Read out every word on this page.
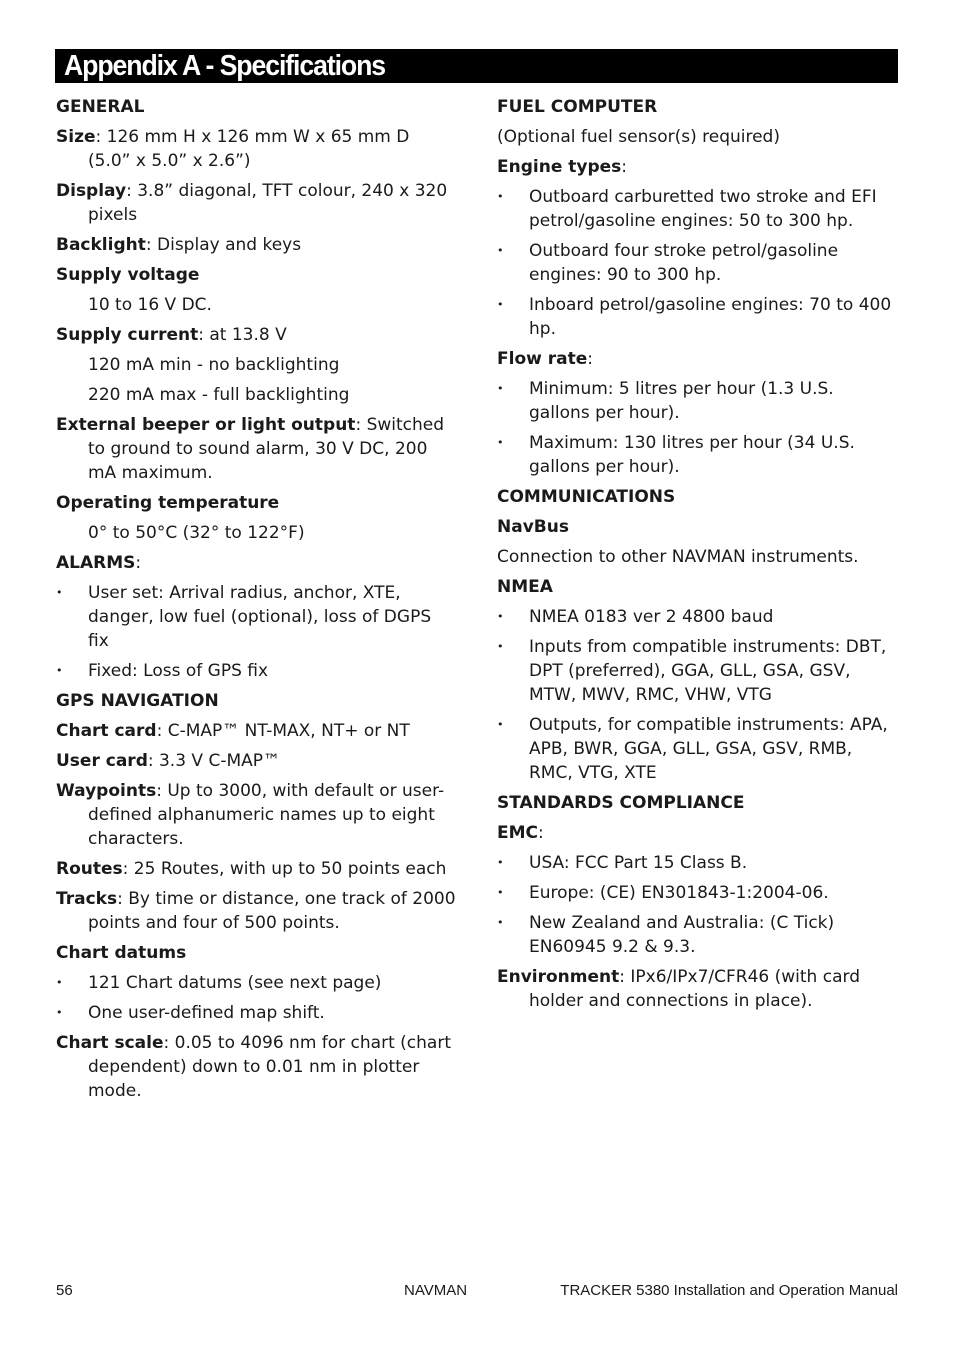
Appendix A - Specifications
GENERAL
Size: 126 mm H x 126 mm W x 65 mm D (5.0” x 5.0” x 2.6”)
Display: 3.8” diagonal, TFT colour, 240 x 320 pixels
Backlight: Display and keys
Supply voltage
10 to 16 V DC.
Supply current: at 13.8 V
120 mA min - no backlighting
220 mA max - full backlighting
External beeper or light output: Switched to ground to sound alarm, 30 V DC, 200 mA maximum.
Operating temperature
0° to 50°C (32° to 122°F)
ALARMS:
• User set: Arrival radius, anchor, XTE, danger, low fuel (optional), loss of DGPS fix
• Fixed: Loss of GPS fix
GPS NAVIGATION
Chart card: C-MAP™ NT-MAX, NT+ or NT
User card: 3.3 V C-MAP™
Waypoints: Up to 3000, with default or user-defined alphanumeric names up to eight characters.
Routes: 25 Routes, with up to 50 points each
Tracks: By time or distance, one track of 2000 points and four of 500 points.
Chart datums
• 121 Chart datums (see next page)
• One user-defined map shift.
Chart scale: 0.05 to 4096 nm for chart (chart dependent) down to 0.01 nm in plotter mode.
FUEL COMPUTER
(Optional fuel sensor(s) required)
Engine types:
• Outboard carburetted two stroke and EFI petrol/gasoline engines: 50 to 300 hp.
• Outboard four stroke petrol/gasoline engines: 90 to 300 hp.
• Inboard petrol/gasoline engines: 70 to 400 hp.
Flow rate:
• Minimum: 5 litres per hour (1.3 U.S. gallons per hour).
• Maximum: 130 litres per hour (34 U.S. gallons per hour).
COMMUNICATIONS
NavBus
Connection to other NAVMAN instruments.
NMEA
• NMEA 0183 ver 2 4800 baud
• Inputs from compatible instruments: DBT, DPT (preferred), GGA, GLL, GSA, GSV, MTW, MWV, RMC, VHW, VTG
• Outputs, for compatible instruments: APA, APB, BWR, GGA, GLL, GSA, GSV, RMB, RMC, VTG, XTE
STANDARDS COMPLIANCE
EMC:
• USA: FCC Part 15 Class B.
• Europe: (CE) EN301843-1:2004-06.
• New Zealand and Australia: (C Tick) EN60945 9.2 & 9.3.
Environment: IPx6/IPx7/CFR46 (with card holder and connections in place).
56	NAVMAN	TRACKER 5380 Installation and Operation Manual
